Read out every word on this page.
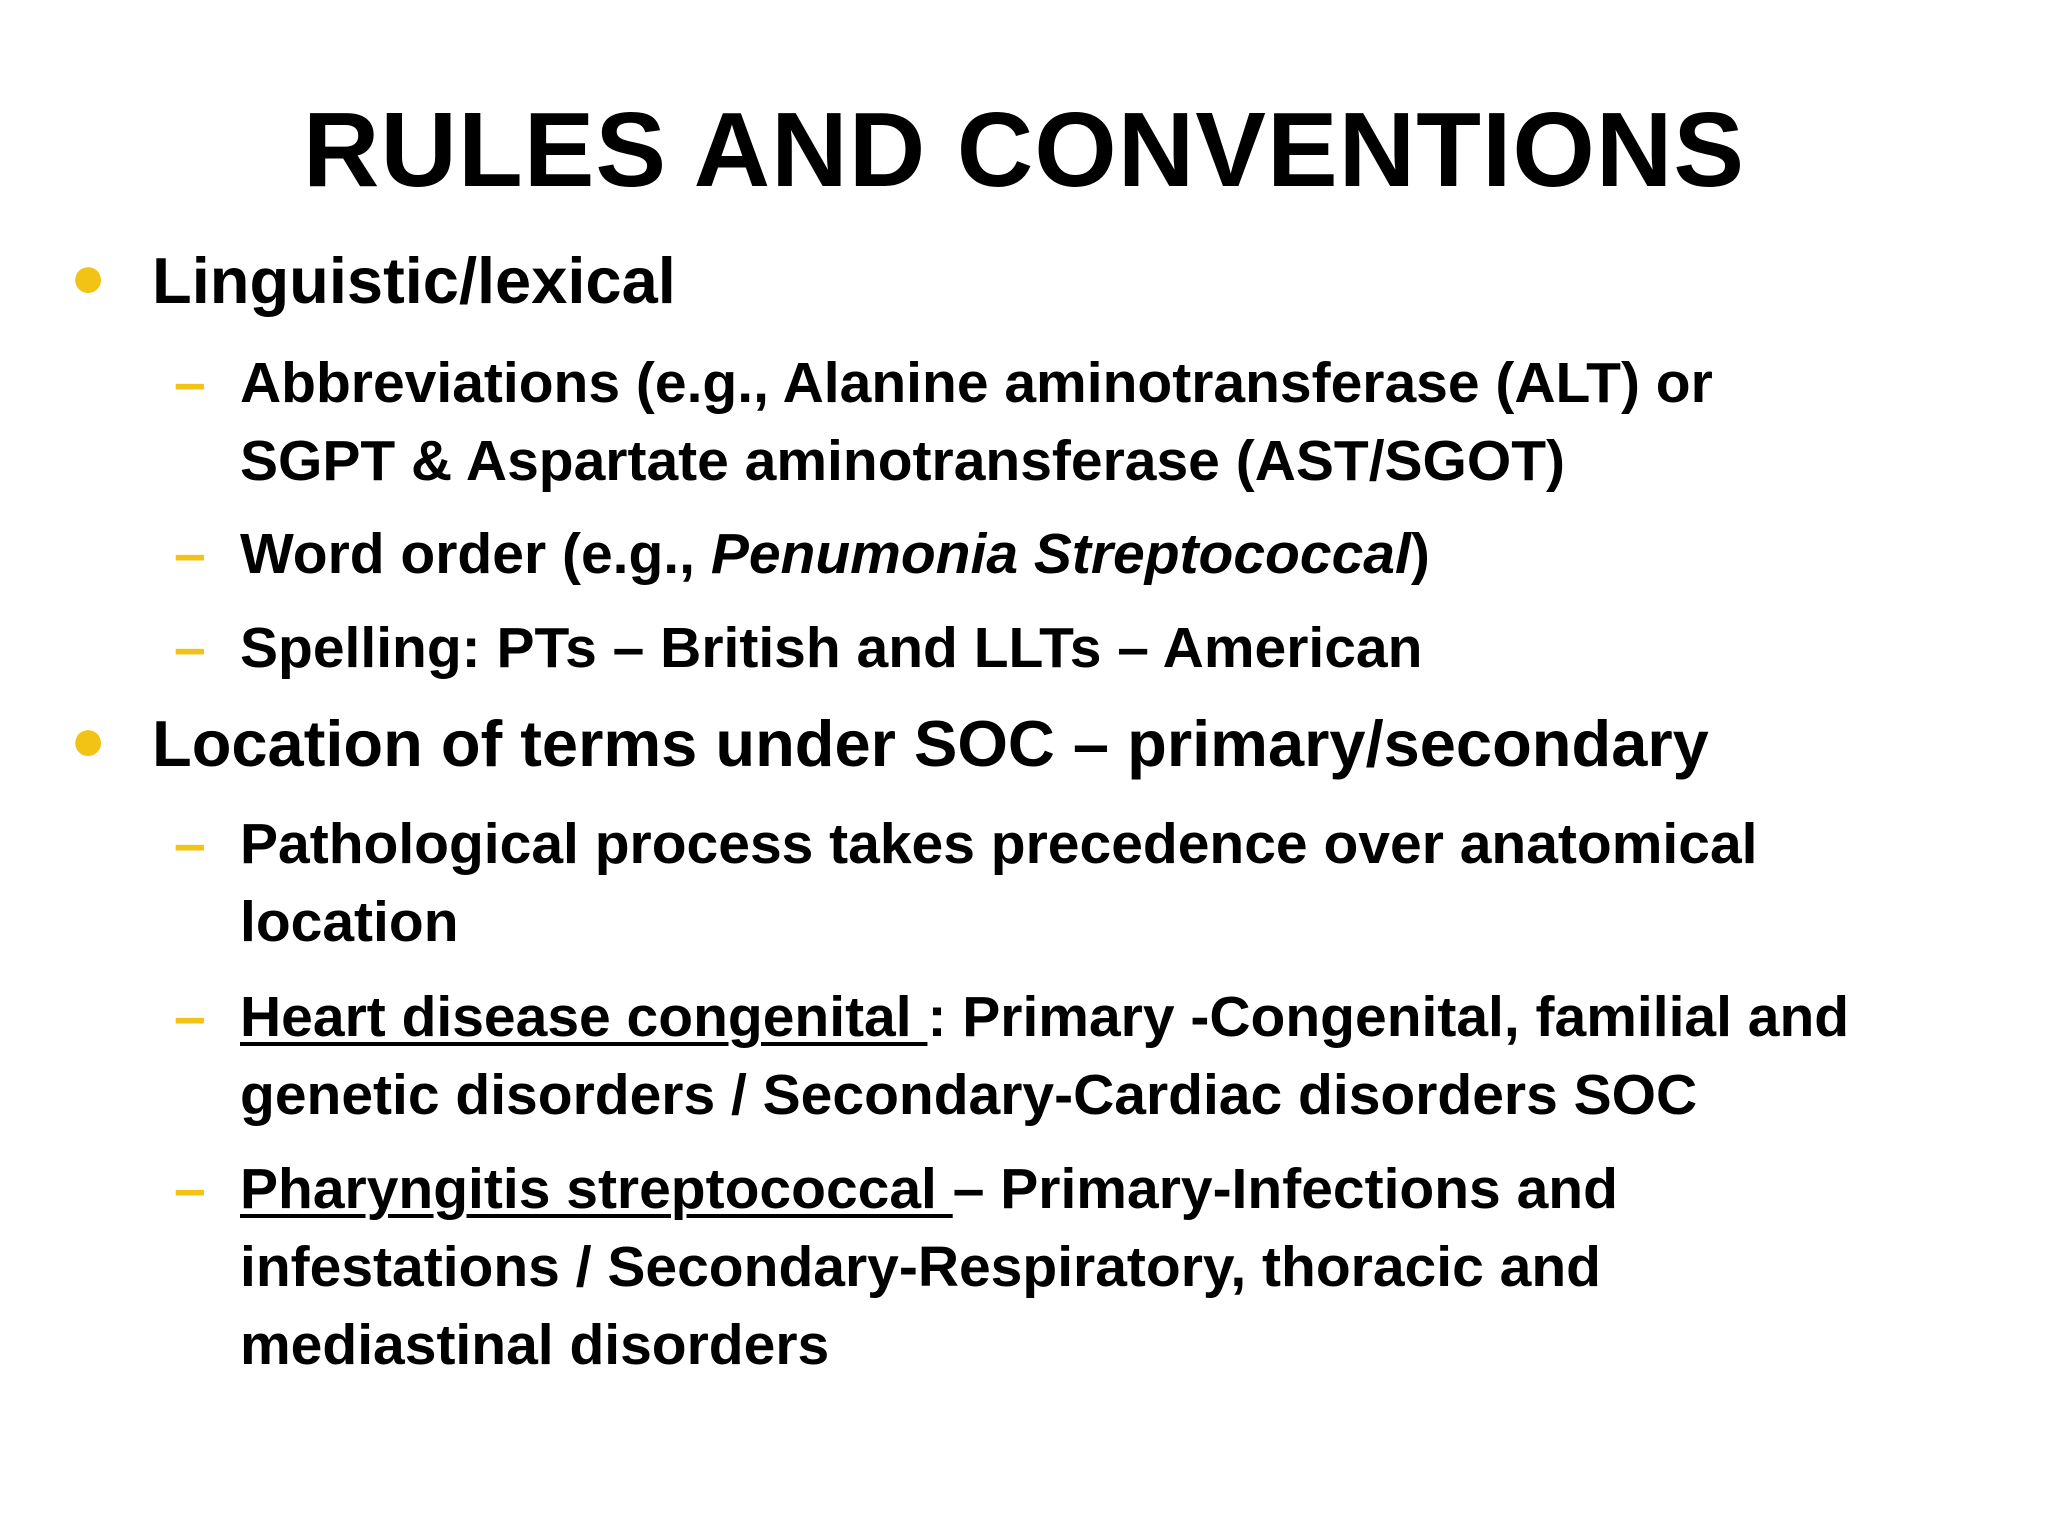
RULES AND CONVENTIONS
● Linguistic/lexical
– Abbreviations (e.g., Alanine aminotransferase (ALT) or
SGPT & Aspartate aminotransferase (AST/SGOT)
– Word order (e.g., Penumonia Streptococcal)
– Spelling: PTs – British and LLTs – American
● Location of terms under SOC – primary/secondary
– Pathological process takes precedence over anatomical
location
– Heart disease congenital : Primary -Congenital, familial and
genetic disorders / Secondary-Cardiac disorders SOC
– Pharyngitis streptococcal – Primary-Infections and
infestations / Secondary-Respiratory, thoracic and
mediastinal disorders
